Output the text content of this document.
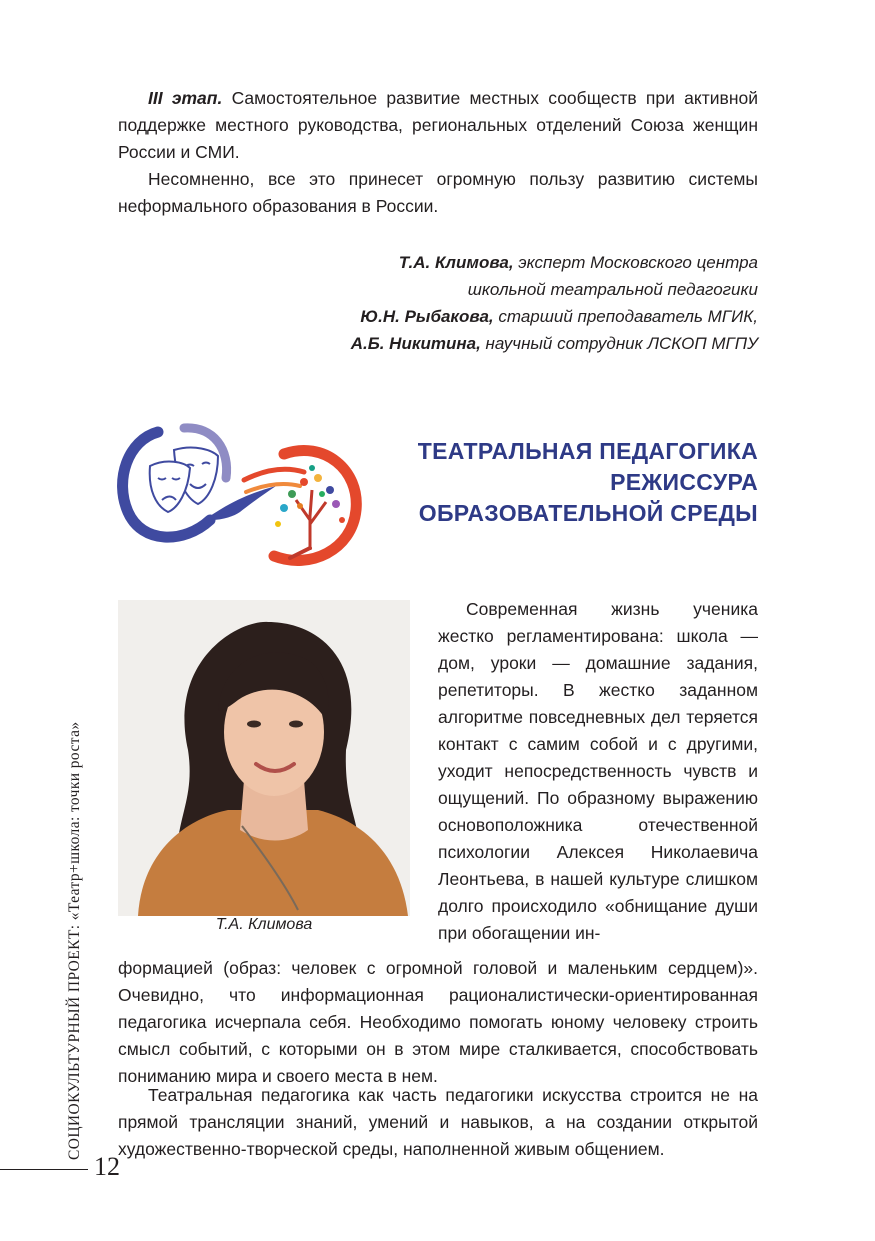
III этап. Самостоятельное развитие местных сообществ при активной поддержке местного руководства, региональных отделений Союза женщин России и СМИ.

Несомненно, все это принесет огромную пользу развитию системы неформального образования в России.

Т.А. Климова, эксперт Московского центра
школьной театральной педагогики
Ю.Н. Рыбакова, старший преподаватель МГИК,
А.Б. Никитина, научный сотрудник ЛСКОП МГПУ
ТЕАТРАЛЬНАЯ ПЕДАГОГИКА
РЕЖИССУРА
ОБРАЗОВАТЕЛЬНОЙ СРЕДЫ
Т.А. Климова
Современная жизнь ученика жестко регламентирована: школа — дом, уроки — домашние задания, репетиторы. В жестко заданном алгоритме повседневных дел теряется контакт с самим собой и с другими, уходит непосредственность чувств и ощущений. По образному выражению основоположника отечественной психологии Алексея Николаевича Леонтьева, в нашей культуре слишком долго происходило «обнищание души при обогащении ин-
формацией (образ: человек с огромной головой и маленьким сердцем)». Очевидно, что информационная рационалистически-ориентированная педагогика исчерпала себя. Необходимо помогать юному человеку строить смысл событий, с которыми он в этом мире сталкивается, способствовать пониманию мира и своего места в нем.
Театральная педагогика как часть педагогики искусства строится не на прямой трансляции знаний, умений и навыков, а на создании открытой художественно-творческой среды, наполненной живым общением.
СОЦИОКУЛЬТУРНЫЙ ПРОЕКТ: «Театр+школа: точки роста»
12
